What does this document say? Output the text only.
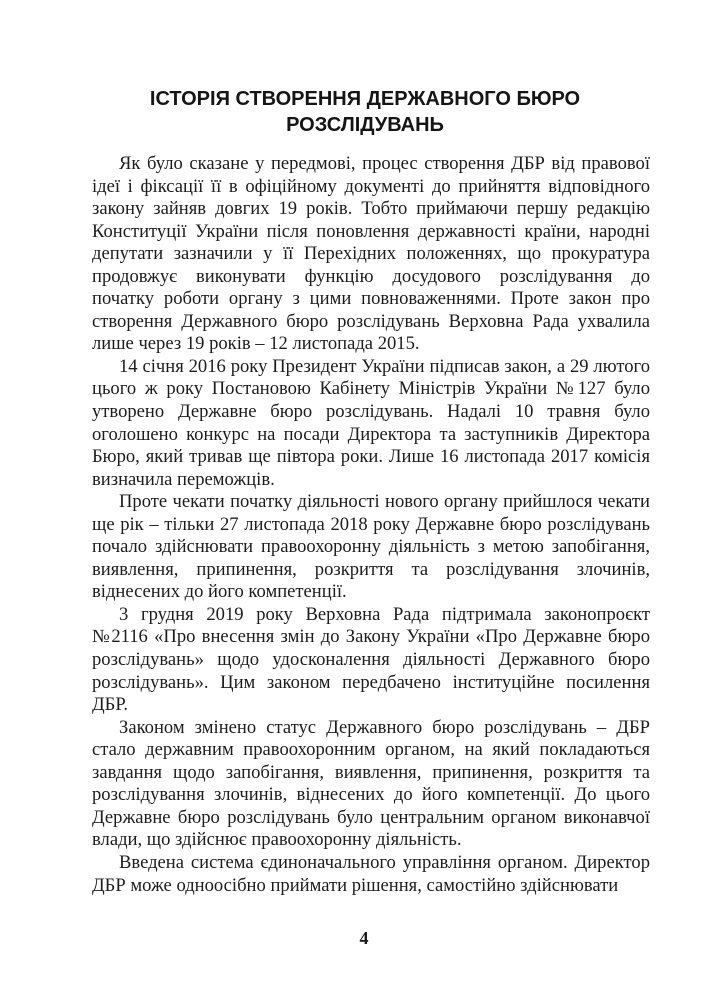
ІСТОРІЯ СТВОРЕННЯ ДЕРЖАВНОГО БЮРО
РОЗСЛІДУВАНЬ
Як було сказане у передмові, процес створення ДБР від правової
ідеї і фіксації її в офіційному документі до прийняття відповідного
закону зайняв довгих 19 років. Тобто приймаючи першу редакцію
Конституції України після поновлення державності країни, народні
депутати зазначили у її Перехідних положеннях, що прокуратура
продовжує виконувати функцію досудового розслідування до
початку роботи органу з цими повноваженнями. Проте закон про
створення Державного бюро розслідувань Верховна Рада ухвалила
лише через 19 років – 12 листопада 2015.
14 січня 2016 року Президент України підписав закон, а 29 лютого
цього ж року Постановою Кабінету Міністрів України №127 було
утворено Державне бюро розслідувань. Надалі 10 травня було
оголошено конкурс на посади Директора та заступників Директора
Бюро, який тривав ще півтора роки. Лише 16 листопада 2017 комісія
визначила переможців.
Проте чекати початку діяльності нового органу прийшлося чекати
ще рік – тільки 27 листопада 2018 року Державне бюро розслідувань
почало здійснювати правоохоронну діяльність з метою запобігання,
виявлення, припинення, розкриття та розслідування злочинів,
віднесених до його компетенції.
3 грудня 2019 року Верховна Рада підтримала законопроєкт
№2116 «Про внесення змін до Закону України «Про Державне бюро
розслідувань» щодо удосконалення діяльності Державного бюро
розслідувань». Цим законом передбачено інституційне посилення
ДБР.
Законом змінено статус Державного бюро розслідувань – ДБР
стало державним правоохоронним органом, на який покладаються
завдання щодо запобігання, виявлення, припинення, розкриття та
розслідування злочинів, віднесених до його компетенції. До цього
Державне бюро розслідувань було центральним органом виконавчої
влади, що здійснює правоохоронну діяльність.
Введена система єдиноначального управління органом. Директор
ДБР може одноосібно приймати рішення, самостійно здійснювати
4
